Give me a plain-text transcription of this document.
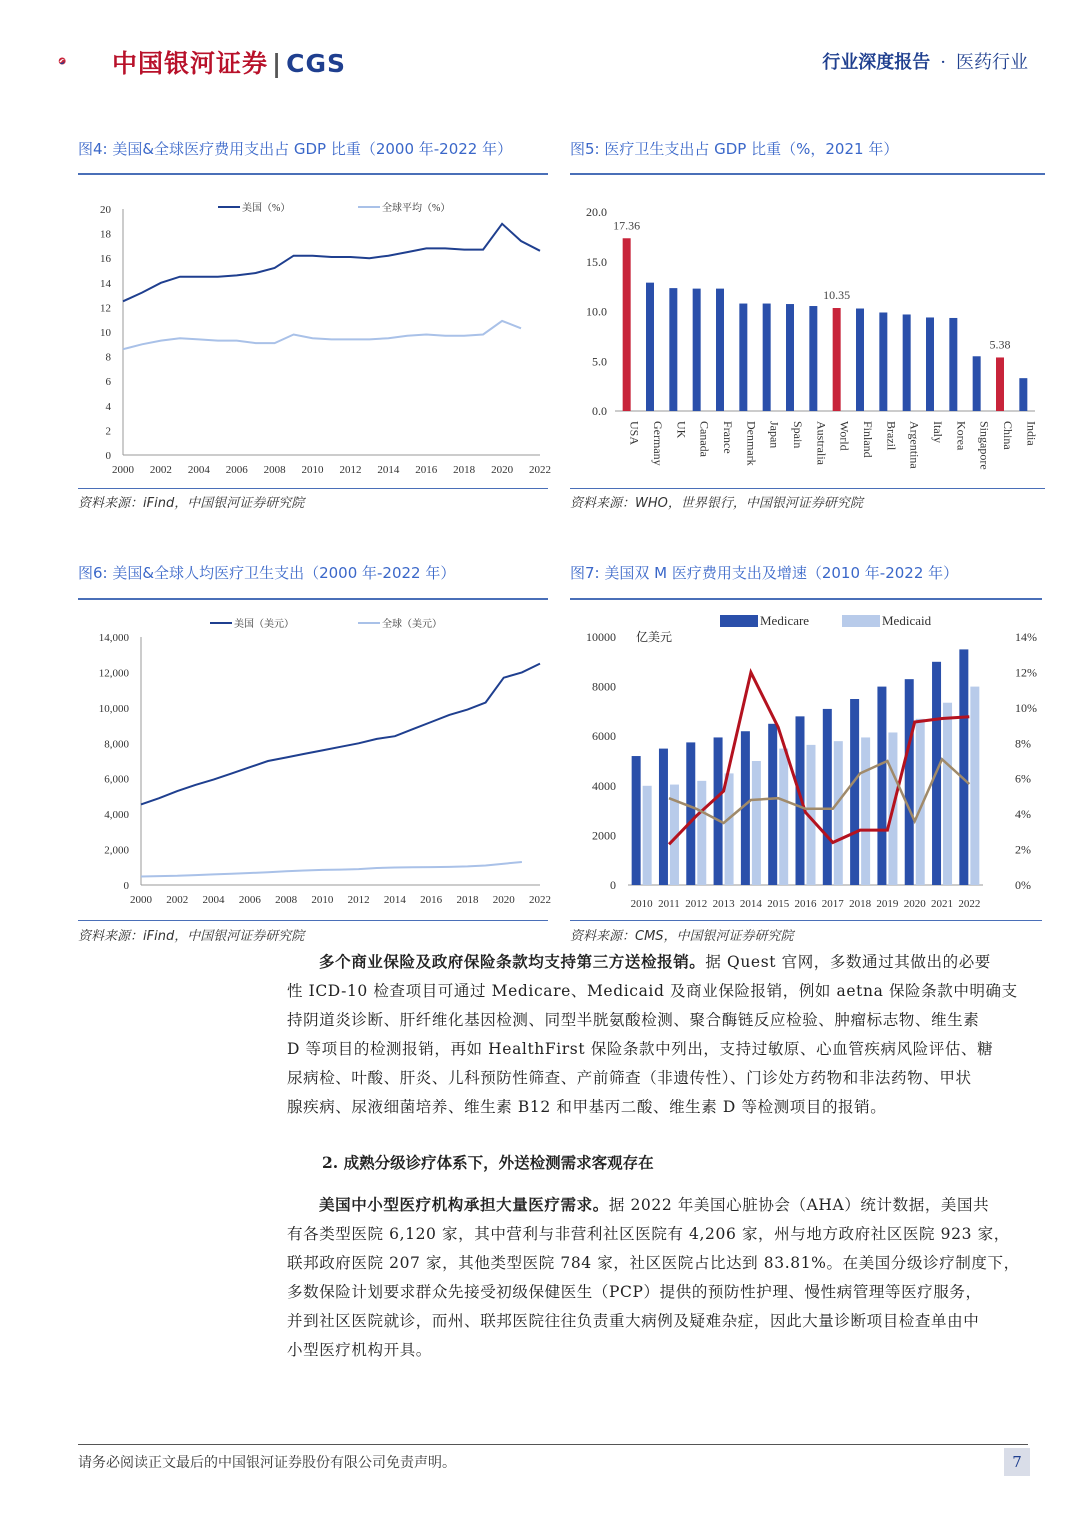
中国银河证券 | CGS	行业深度报告 · 医药行业
图4: 美国&全球医疗费用支出占 GDP 比重（2000 年-2022 年）
0
2
4
6
8
10
12
14
16
18
20
2000 2002 2004 2006 2008 2010 2012 2014 2016 2018 2020 2022
美国（%）	全球平均（%）
资料来源：iFind，中国银河证券研究院
图5: 医疗卫生支出占 GDP 比重（%，2021 年）
0.0
5.0
10.0
15.0
20.0
USA
17.36
Germany UK Canada France Denmark Japan Spain Australia World
10.35
Finland Brazil Argentina Italy Korea Singapore China
5.38
India
资料来源：WHO，世界银行，中国银河证券研究院
图6: 美国&全球人均医疗卫生支出（2000 年-2022 年）
0
2,000
4,000
6,000
8,000
10,000
12,000
14,000
2000 2002 2004 2006 2008 2010 2012 2014 2016 2018 2020 2022
美国（美元）	全球（美元）
资料来源：iFind，中国银河证券研究院
图7: 美国双 M 医疗费用支出及增速（2010 年-2022 年）
0
2000
4000
6000
8000
10000
0%
2%
4%
6%
8%
10%
12%
14%
亿美元
2010 2011 2012 2013 2014 2015 2016 2017 2018 2019 2020 2021 2022
Medicare	Medicaid
资料来源：CMS，中国银河证券研究院
多个商业保险及政府保险条款均支持第三方送检报销。据 Quest 官网，多数通过其做出的必要
性 ICD-10 检查项目可通过 Medicare、Medicaid 及商业保险报销，例如 aetna 保险条款中明确支
持阴道炎诊断、肝纤维化基因检测、同型半胱氨酸检测、聚合酶链反应检验、肿瘤标志物、维生素
D 等项目的检测报销，再如 HealthFirst 保险条款中列出，支持过敏原、心血管疾病风险评估、糖
尿病检、叶酸、肝炎、儿科预防性筛查、产前筛查（非遗传性）、门诊处方药物和非法药物、甲状
腺疾病、尿液细菌培养、维生素 B12 和甲基丙二酸、维生素 D 等检测项目的报销。
2. 成熟分级诊疗体系下，外送检测需求客观存在
美国中小型医疗机构承担大量医疗需求。据 2022 年美国心脏协会（AHA）统计数据，美国共
有各类型医院 6,120 家，其中营利与非营利社区医院有 4,206 家，州与地方政府社区医院 923 家，
联邦政府医院 207 家，其他类型医院 784 家，社区医院占比达到 83.81%。在美国分级诊疗制度下，
多数保险计划要求群众先接受初级保健医生（PCP）提供的预防性护理、慢性病管理等医疗服务，
并到社区医院就诊，而州、联邦医院往往负责重大病例及疑难杂症，因此大量诊断项目检查单由中
小型医疗机构开具。
请务必阅读正文最后的中国银河证券股份有限公司免责声明。	7
